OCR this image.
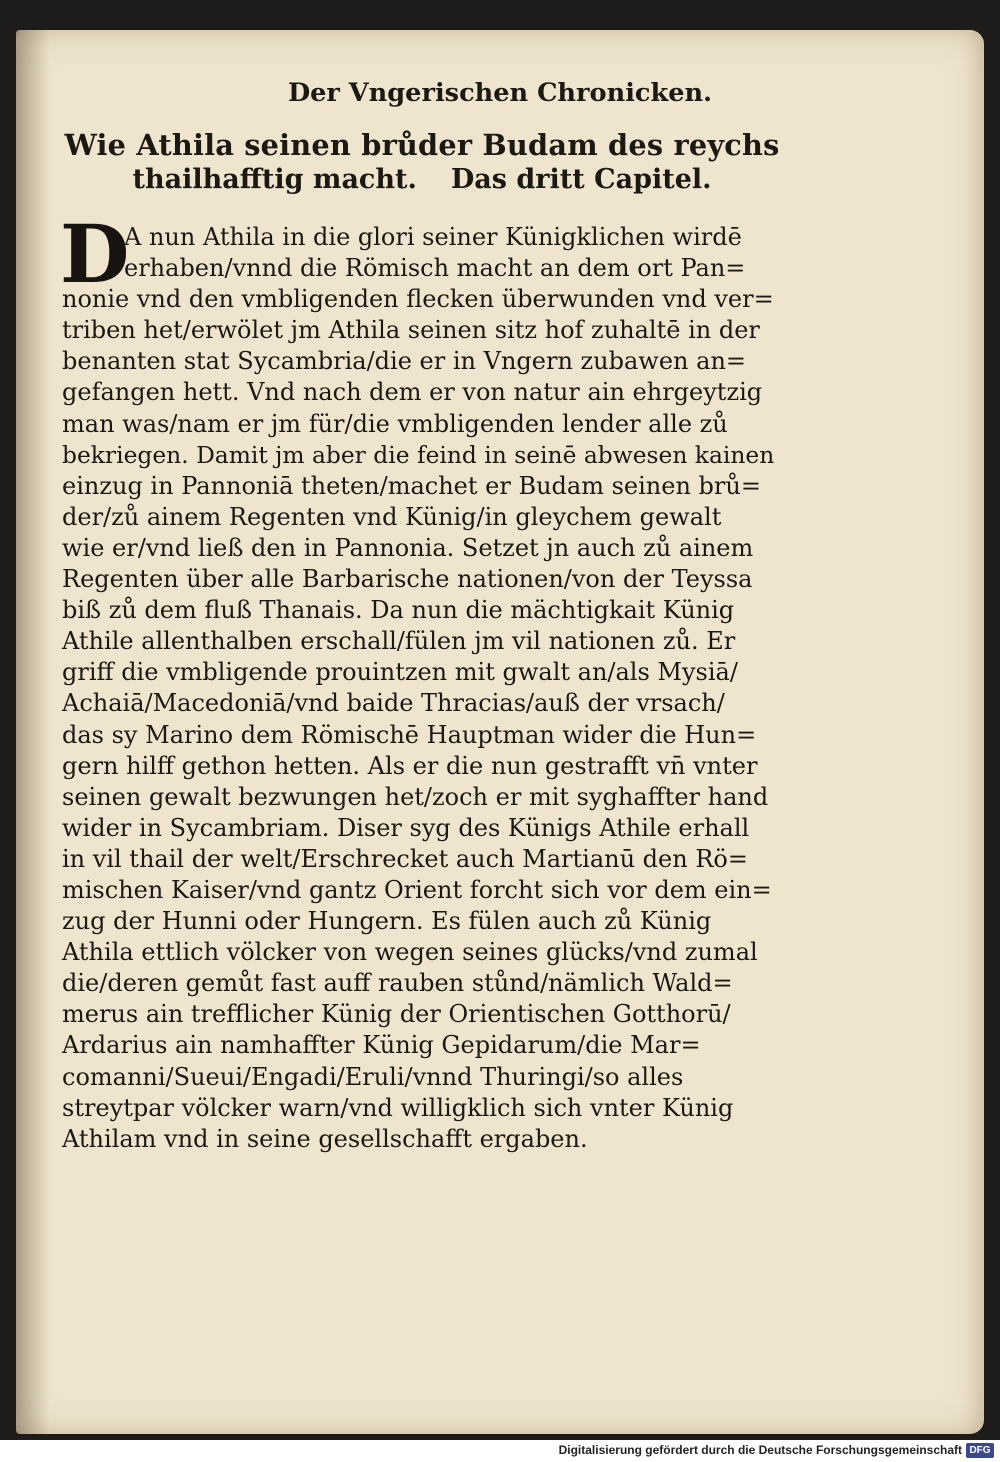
Der Vngerischen Chronicken.
Wie Athila seinen brůder Budam des reychs
thailhafftig macht. Das dritt Capitel.
D
A nun Athila in die glori seiner Künigklichen wirdē
erhaben/vnnd die Römisch macht an dem ort Pan=
nonie vnd den vmbligenden flecken überwunden vnd ver=
triben het/erwölet jm Athila seinen sitz hof zuhaltē in der
benanten stat Sycambria/die er in Vngern zubawen an=
gefangen hett. Vnd nach dem er von natur ain ehrgeytzig
man was/nam er jm für/die vmbligenden lender alle zů
bekriegen. Damit jm aber die feind in seinē abwesen kainen
einzug in Pannoniā theten/machet er Budam seinen brů=
der/zů ainem Regenten vnd Künig/in gleychem gewalt
wie er/vnd ließ den in Pannonia. Setzet jn auch zů ainem
Regenten über alle Barbarische nationen/von der Teyssa
biß zů dem fluß Thanais. Da nun die mächtigkait Künig
Athile allenthalben erschall/fülen jm vil nationen zů. Er
griff die vmbligende prouintzen mit gwalt an/als Mysiā/
Achaiā/Macedoniā/vnd baide Thracias/auß der vrsach/
das sy Marino dem Römischē Hauptman wider die Hun=
gern hilff gethon hetten. Als er die nun gestrafft vn̄ vnter
seinen gewalt bezwungen het/zoch er mit syghaffter hand
wider in Sycambriam. Diser syg des Künigs Athile erhall
in vil thail der welt/Erschrecket auch Martianū den Rö=
mischen Kaiser/vnd gantz Orient forcht sich vor dem ein=
zug der Hunni oder Hungern. Es fülen auch zů Künig
Athila ettlich völcker von wegen seines glücks/vnd zumal
die/deren gemůt fast auff rauben stůnd/nämlich Wald=
merus ain trefflicher Künig der Orientischen Gotthorū/
Ardarius ain namhaffter Künig Gepidarum/die Mar=
comanni/Sueui/Engadi/Eruli/vnnd Thuringi/so alles
streytpar völcker warn/vnd willigklich sich vnter Künig
Athilam vnd in seine gesellschafft ergaben.
Digitalisierung gefördert durch die Deutsche Forschungsgemeinschaft DFG
